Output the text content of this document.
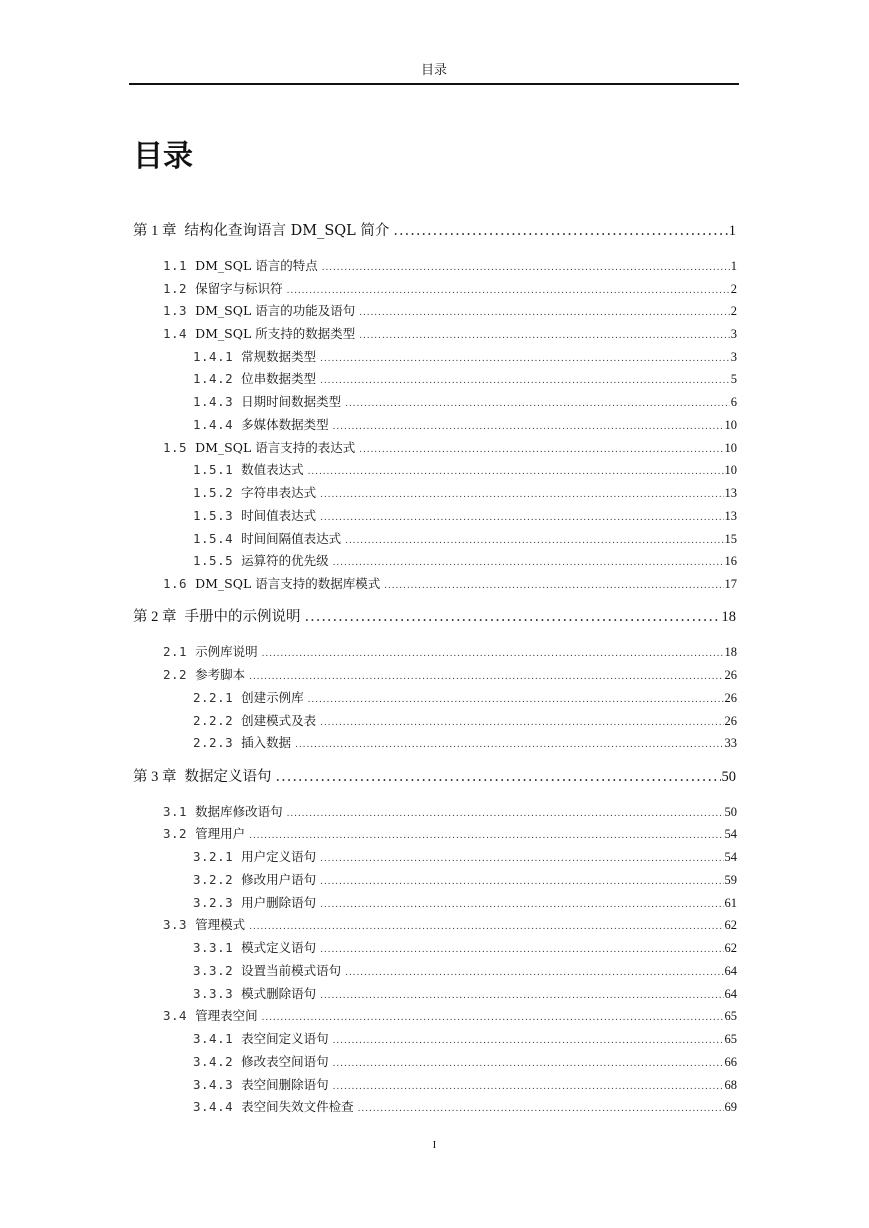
目录
目录
第 1 章 结构化查询语言 DM_SQL 简介 .....	1
1.1 DM_SQL 语言的特点 .....	1
1.2 保留字与标识符 .....	2
1.3 DM_SQL 语言的功能及语句 .....	2
1.4 DM_SQL 所支持的数据类型 .....	3
1.4.1 常规数据类型 .....	3
1.4.2 位串数据类型 .....	5
1.4.3 日期时间数据类型 .....	6
1.4.4 多媒体数据类型 .....	10
1.5 DM_SQL 语言支持的表达式 .....	10
1.5.1 数值表达式 .....	10
1.5.2 字符串表达式 .....	13
1.5.3 时间值表达式 .....	13
1.5.4 时间间隔值表达式 .....	15
1.5.5 运算符的优先级 .....	16
1.6 DM_SQL 语言支持的数据库模式 .....	17
第 2 章 手册中的示例说明 .....	18
2.1 示例库说明 .....	18
2.2 参考脚本 .....	26
2.2.1 创建示例库 .....	26
2.2.2 创建模式及表 .....	26
2.2.3 插入数据 .....	33
第 3 章 数据定义语句 .....	50
3.1 数据库修改语句 .....	50
3.2 管理用户 .....	54
3.2.1 用户定义语句 .....	54
3.2.2 修改用户语句 .....	59
3.2.3 用户删除语句 .....	61
3.3 管理模式 .....	62
3.3.1 模式定义语句 .....	62
3.3.2 设置当前模式语句 .....	64
3.3.3 模式删除语句 .....	64
3.4 管理表空间 .....	65
3.4.1 表空间定义语句 .....	65
3.4.2 修改表空间语句 .....	66
3.4.3 表空间删除语句 .....	68
3.4.4 表空间失效文件检查 .....	69
I
